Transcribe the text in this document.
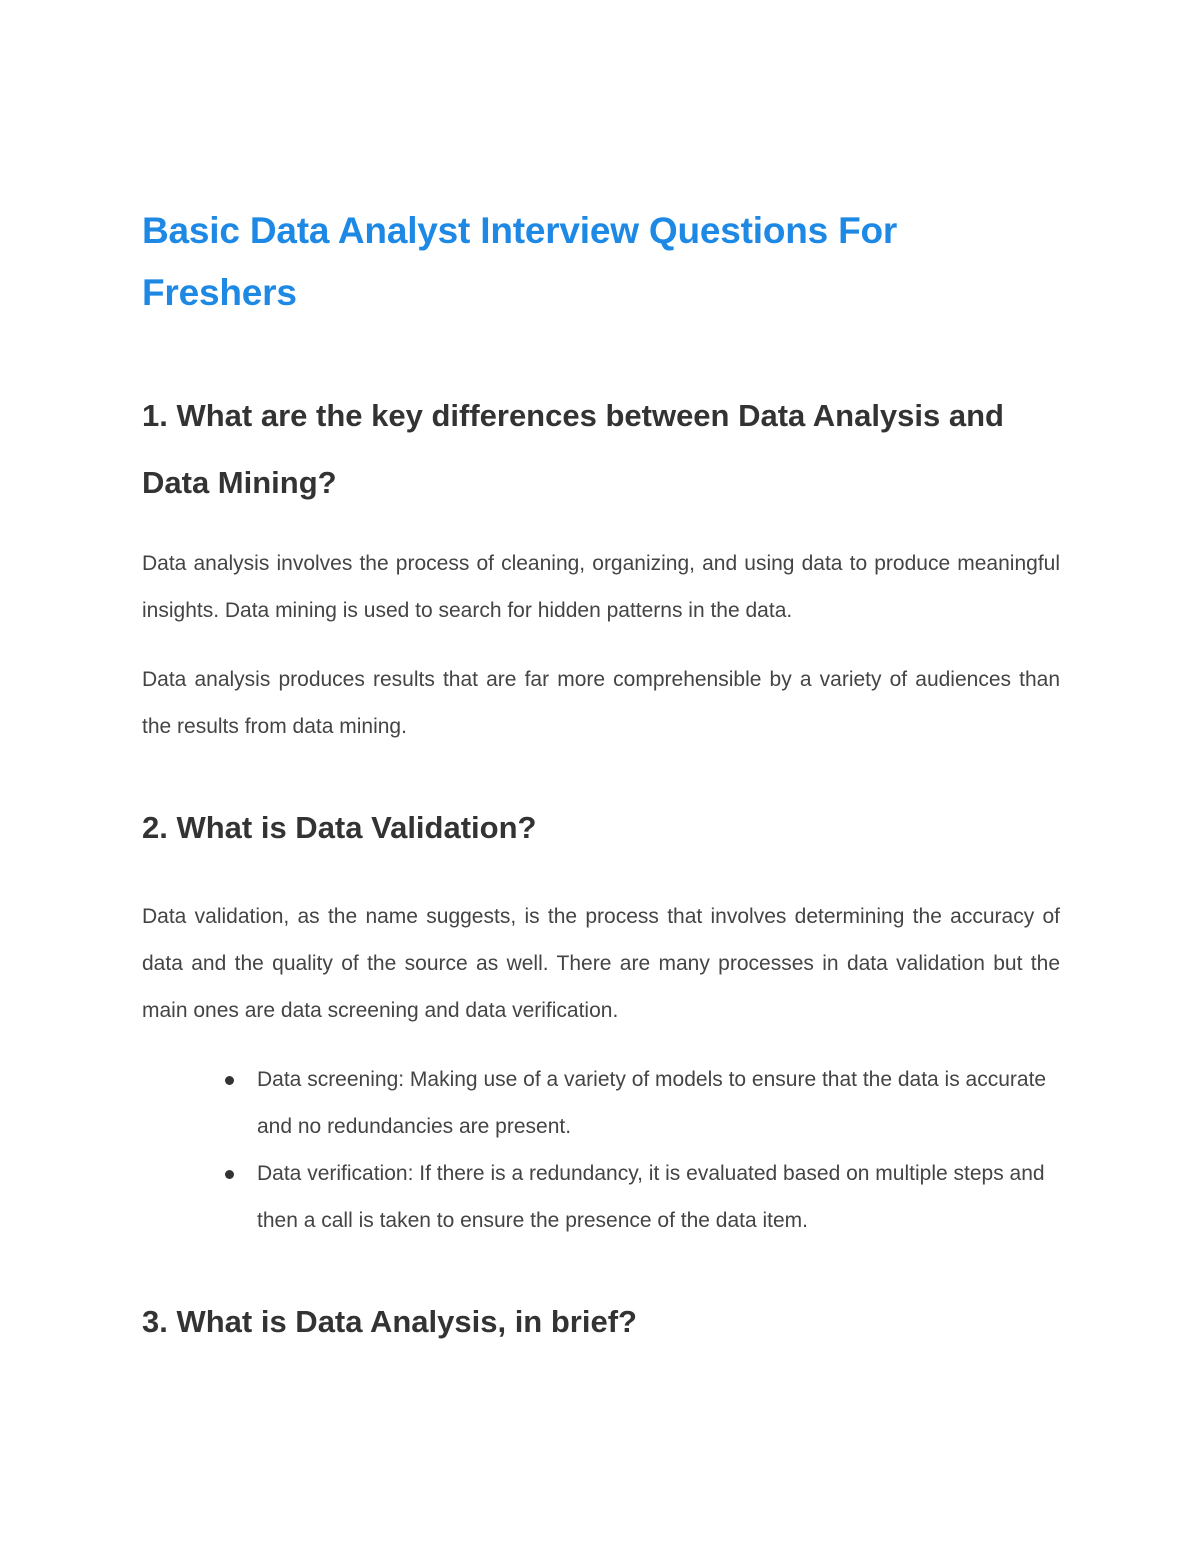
Basic Data Analyst Interview Questions For Freshers
1. What are the key differences between Data Analysis and Data Mining?

Data analysis involves the process of cleaning, organizing, and using data to produce meaningful insights. Data mining is used to search for hidden patterns in the data.

Data analysis produces results that are far more comprehensible by a variety of audiences than the results from data mining.

2. What is Data Validation?

Data validation, as the name suggests, is the process that involves determining the accuracy of data and the quality of the source as well. There are many processes in data validation but the main ones are data screening and data verification.

Data screening: Making use of a variety of models to ensure that the data is accurate and no redundancies are present.
Data verification: If there is a redundancy, it is evaluated based on multiple steps and then a call is taken to ensure the presence of the data item.
3. What is Data Analysis, in brief?
